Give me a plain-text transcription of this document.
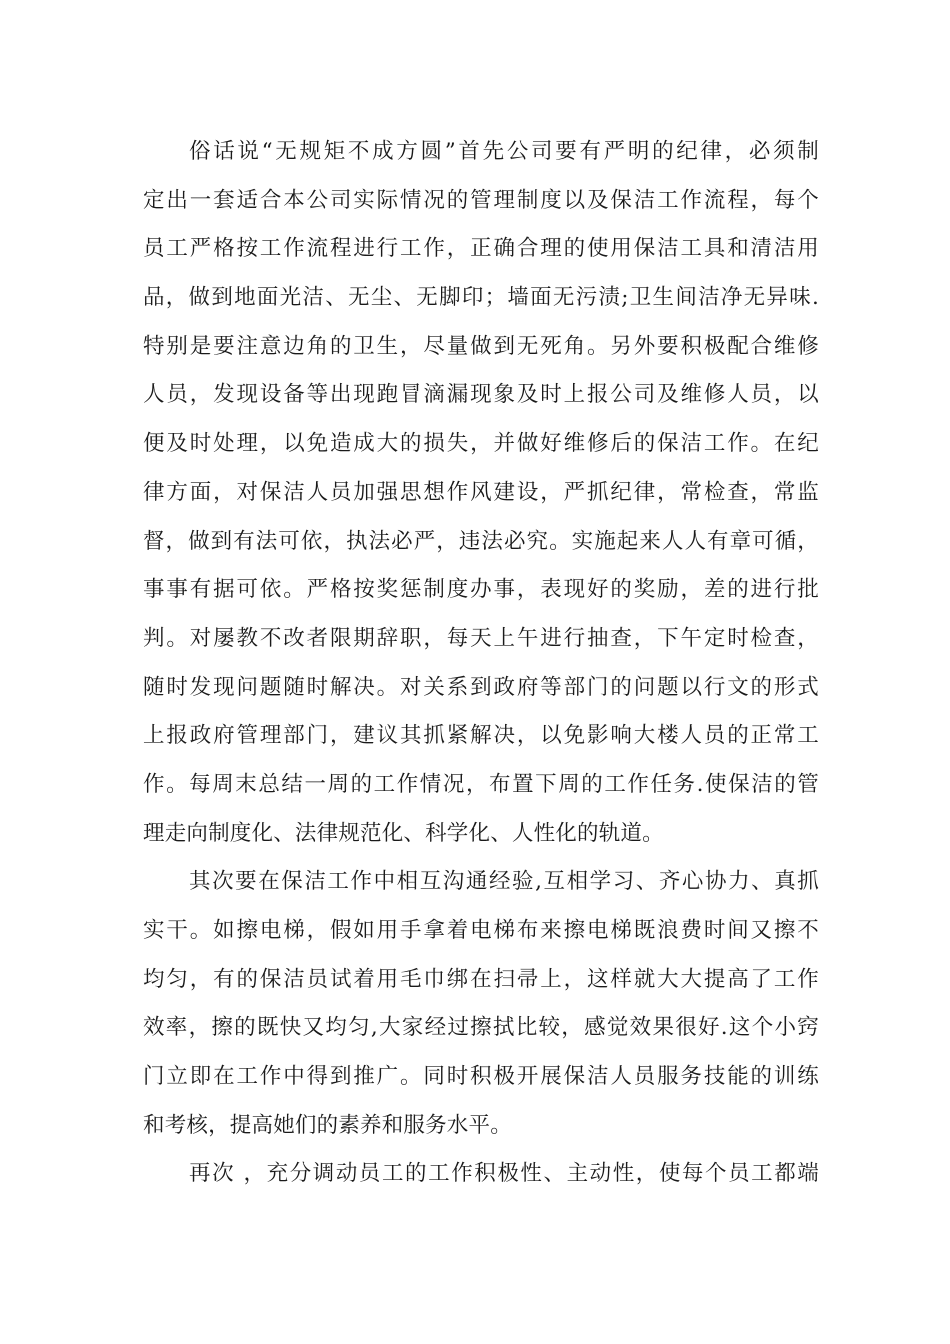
俗话说“无规矩不成方圆”首先公司要有严明的纪律，必须制
定出一套适合本公司实际情况的管理制度以及保洁工作流程，每个
员工严格按工作流程进行工作，正确合理的使用保洁工具和清洁用
品，做到地面光洁、无尘、无脚印；墙面无污渍;卫生间洁净无异味.
特别是要注意边角的卫生，尽量做到无死角。另外要积极配合维修
人员，发现设备等出现跑冒滴漏现象及时上报公司及维修人员，以
便及时处理，以免造成大的损失，并做好维修后的保洁工作。在纪
律方面，对保洁人员加强思想作风建设，严抓纪律，常检查，常监
督，做到有法可依，执法必严，违法必究。实施起来人人有章可循，
事事有据可依。严格按奖惩制度办事，表现好的奖励，差的进行批
判。对屡教不改者限期辞职，每天上午进行抽查，下午定时检查，
随时发现问题随时解决。对关系到政府等部门的问题以行文的形式
上报政府管理部门，建议其抓紧解决，以免影响大楼人员的正常工
作。每周末总结一周的工作情况，布置下周的工作任务.使保洁的管
理走向制度化、法律规范化、科学化、人性化的轨道。
其次要在保洁工作中相互沟通经验,互相学习、齐心协力、真抓
实干。如擦电梯，假如用手拿着电梯布来擦电梯既浪费时间又擦不
均匀，有的保洁员试着用毛巾绑在扫帚上，这样就大大提高了工作
效率，擦的既快又均匀,大家经过擦拭比较，感觉效果很好.这个小窍
门立即在工作中得到推广。同时积极开展保洁人员服务技能的训练
和考核，提高她们的素养和服务水平。
再次 ，充分调动员工的工作积极性、主动性，使每个员工都端
